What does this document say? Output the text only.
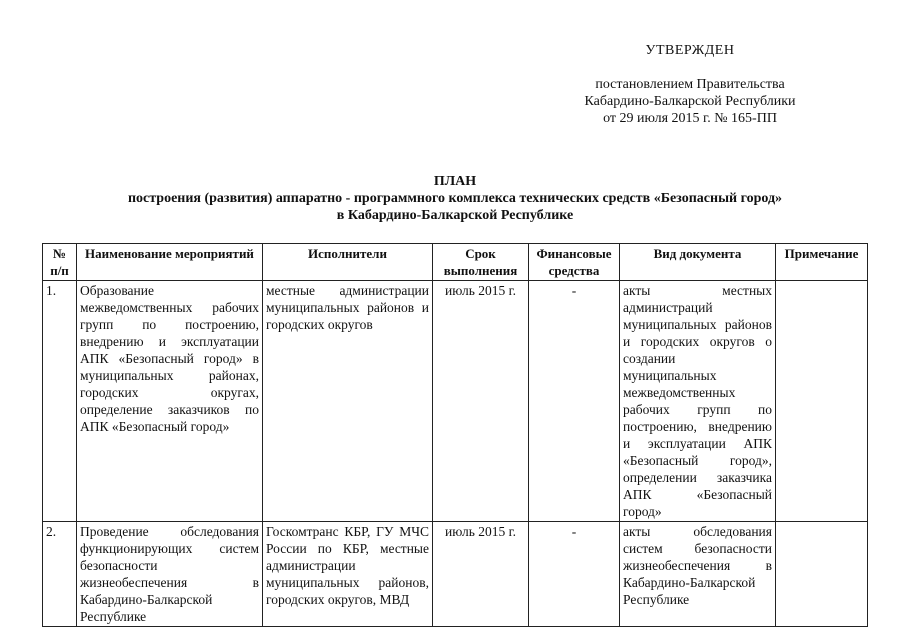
УТВЕРЖДЕН
постановлением Правительства
Кабардино-Балкарской Республики
от 29 июля 2015 г. № 165-ПП
ПЛАН
построения (развития) аппаратно - программного комплекса технических средств «Безопасный город»
в Кабардино-Балкарской Республике
№ п/п	Наименование мероприятий	Исполнители	Срок выполнения	Финансовые средства	Вид документа	Примечание
1.	Образование межведомственных рабочих групп по построению, внедрению и эксплуатации АПК «Безопасный город» в муниципальных районах, городских округах, определение заказчиков по АПК «Безопасный город»	местные администрации муниципальных районов и городских округов	июль 2015 г.	-	акты местных администраций муниципальных районов и городских округов о создании муниципальных межведомственных рабочих групп по построению, внедрению и эксплуатации АПК «Безопасный город», определении заказчика АПК «Безопасный город»	
2.	Проведение обследования функционирующих систем безопасности жизнеобеспечения в Кабардино-Балкарской Республике	Госкомтранс КБР, ГУ МЧС России по КБР, местные администрации муниципальных районов, городских округов, МВД	июль 2015 г.	-	акты обследования систем безопасности жизнеобеспечения в Кабардино-Балкарской Республике	
